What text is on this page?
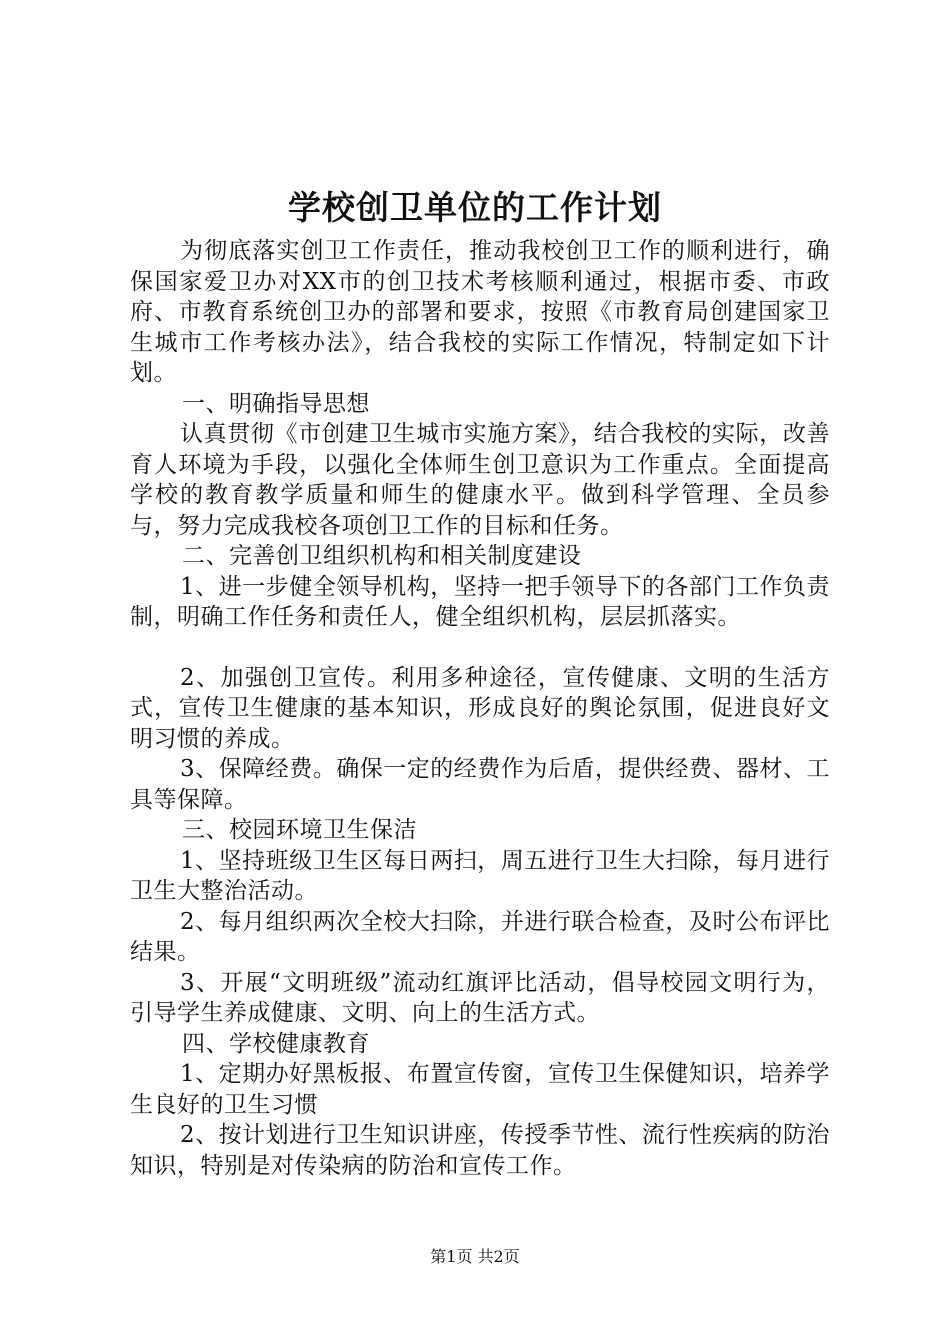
学校创卫单位的工作计划

为彻底落实创卫工作责任，推动我校创卫工作的顺利进行，确保国家爱卫办对XX市的创卫技术考核顺利通过，根据市委、市政府、市教育系统创卫办的部署和要求，按照《市教育局创建国家卫生城市工作考核办法》，结合我校的实际工作情况，特制定如下计划。

一、明确指导思想

认真贯彻《市创建卫生城市实施方案》，结合我校的实际，改善育人环境为手段，以强化全体师生创卫意识为工作重点。全面提高学校的教育教学质量和师生的健康水平。做到科学管理、全员参与，努力完成我校各项创卫工作的目标和任务。

二、完善创卫组织机构和相关制度建设

1、进一步健全领导机构，坚持一把手领导下的各部门工作负责制，明确工作任务和责任人，健全组织机构，层层抓落实。

2、加强创卫宣传。利用多种途径，宣传健康、文明的生活方式，宣传卫生健康的基本知识，形成良好的舆论氛围，促进良好文明习惯的养成。

3、保障经费。确保一定的经费作为后盾，提供经费、器材、工具等保障。

三、校园环境卫生保洁

1、坚持班级卫生区每日两扫，周五进行卫生大扫除，每月进行卫生大整治活动。

2、每月组织两次全校大扫除，并进行联合检查，及时公布评比结果。

3、开展“文明班级”流动红旗评比活动，倡导校园文明行为，引导学生养成健康、文明、向上的生活方式。

四、学校健康教育

1、定期办好黑板报、布置宣传窗，宣传卫生保健知识，培养学生良好的卫生习惯

2、按计划进行卫生知识讲座，传授季节性、流行性疾病的防治知识，特别是对传染病的防治和宣传工作。

第1页 共2页
